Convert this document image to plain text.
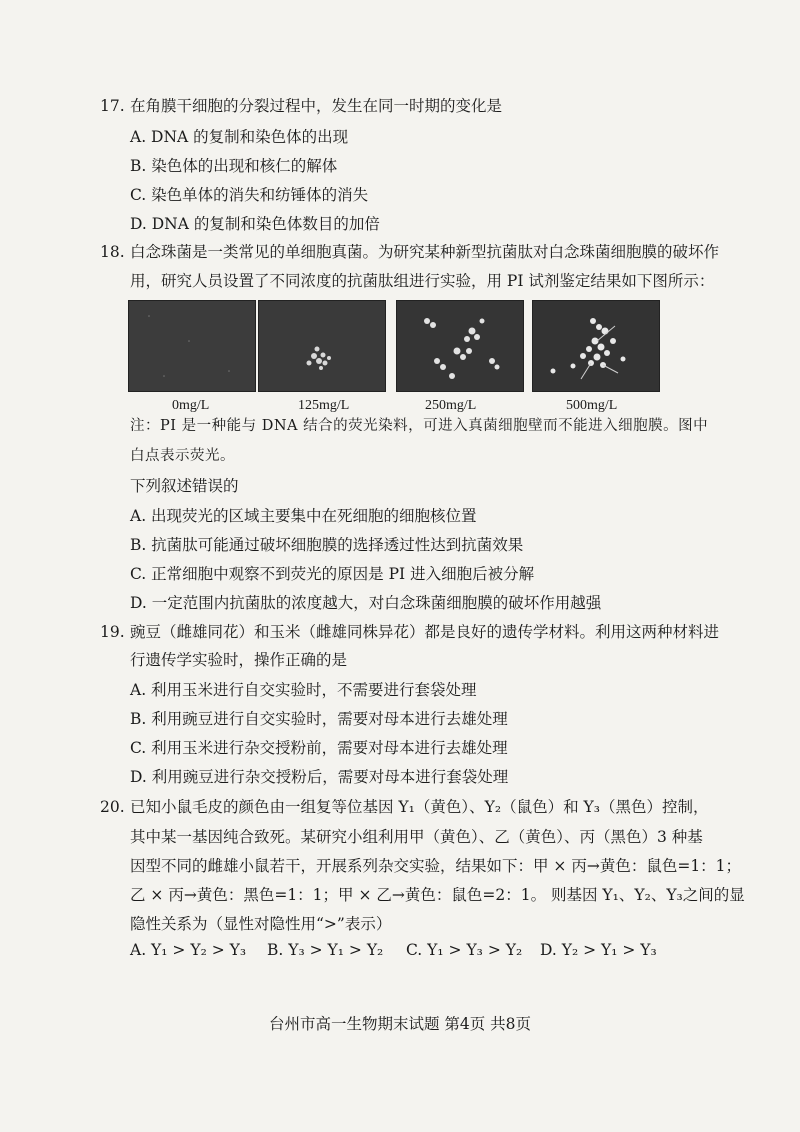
17. 在角膜干细胞的分裂过程中，发生在同一时期的变化是
A. DNA 的复制和染色体的出现
B. 染色体的出现和核仁的解体
C. 染色单体的消失和纺锤体的消失
D. DNA 的复制和染色体数目的加倍
18. 白念珠菌是一类常见的单细胞真菌。为研究某种新型抗菌肽对白念珠菌细胞膜的破坏作
用，研究人员设置了不同浓度的抗菌肽组进行实验，用 PI 试剂鉴定结果如下图所示：
0mg/L	125mg/L	250mg/L	500mg/L
注：PI 是一种能与 DNA 结合的荧光染料，可进入真菌细胞壁而不能进入细胞膜。图中
白点表示荧光。
下列叙述错误的
A. 出现荧光的区域主要集中在死细胞的细胞核位置
B. 抗菌肽可能通过破坏细胞膜的选择透过性达到抗菌效果
C. 正常细胞中观察不到荧光的原因是 PI 进入细胞后被分解
D. 一定范围内抗菌肽的浓度越大，对白念珠菌细胞膜的破坏作用越强
19. 豌豆（雌雄同花）和玉米（雌雄同株异花）都是良好的遗传学材料。利用这两种材料进
行遗传学实验时，操作正确的是
A. 利用玉米进行自交实验时，不需要进行套袋处理
B. 利用豌豆进行自交实验时，需要对母本进行去雄处理
C. 利用玉米进行杂交授粉前，需要对母本进行去雄处理
D. 利用豌豆进行杂交授粉后，需要对母本进行套袋处理
20. 已知小鼠毛皮的颜色由一组复等位基因 Y₁（黄色）、Y₂（鼠色）和 Y₃（黑色）控制，
其中某一基因纯合致死。某研究小组利用甲（黄色）、乙（黄色）、丙（黑色）3 种基
因型不同的雌雄小鼠若干，开展系列杂交实验，结果如下：甲 × 丙→黄色：鼠色=1：1；
乙 × 丙→黄色：黑色=1：1；甲 × 乙→黄色：鼠色=2：1。 则基因 Y₁、Y₂、Y₃之间的显
隐性关系为（显性对隐性用“>”表示）
A. Y₁ > Y₂ > Y₃ B. Y₃ > Y₁ > Y₂ C. Y₁ > Y₃ > Y₂ D. Y₂ > Y₁ > Y₃
台州市高一生物期末试题 第4页 共8页
